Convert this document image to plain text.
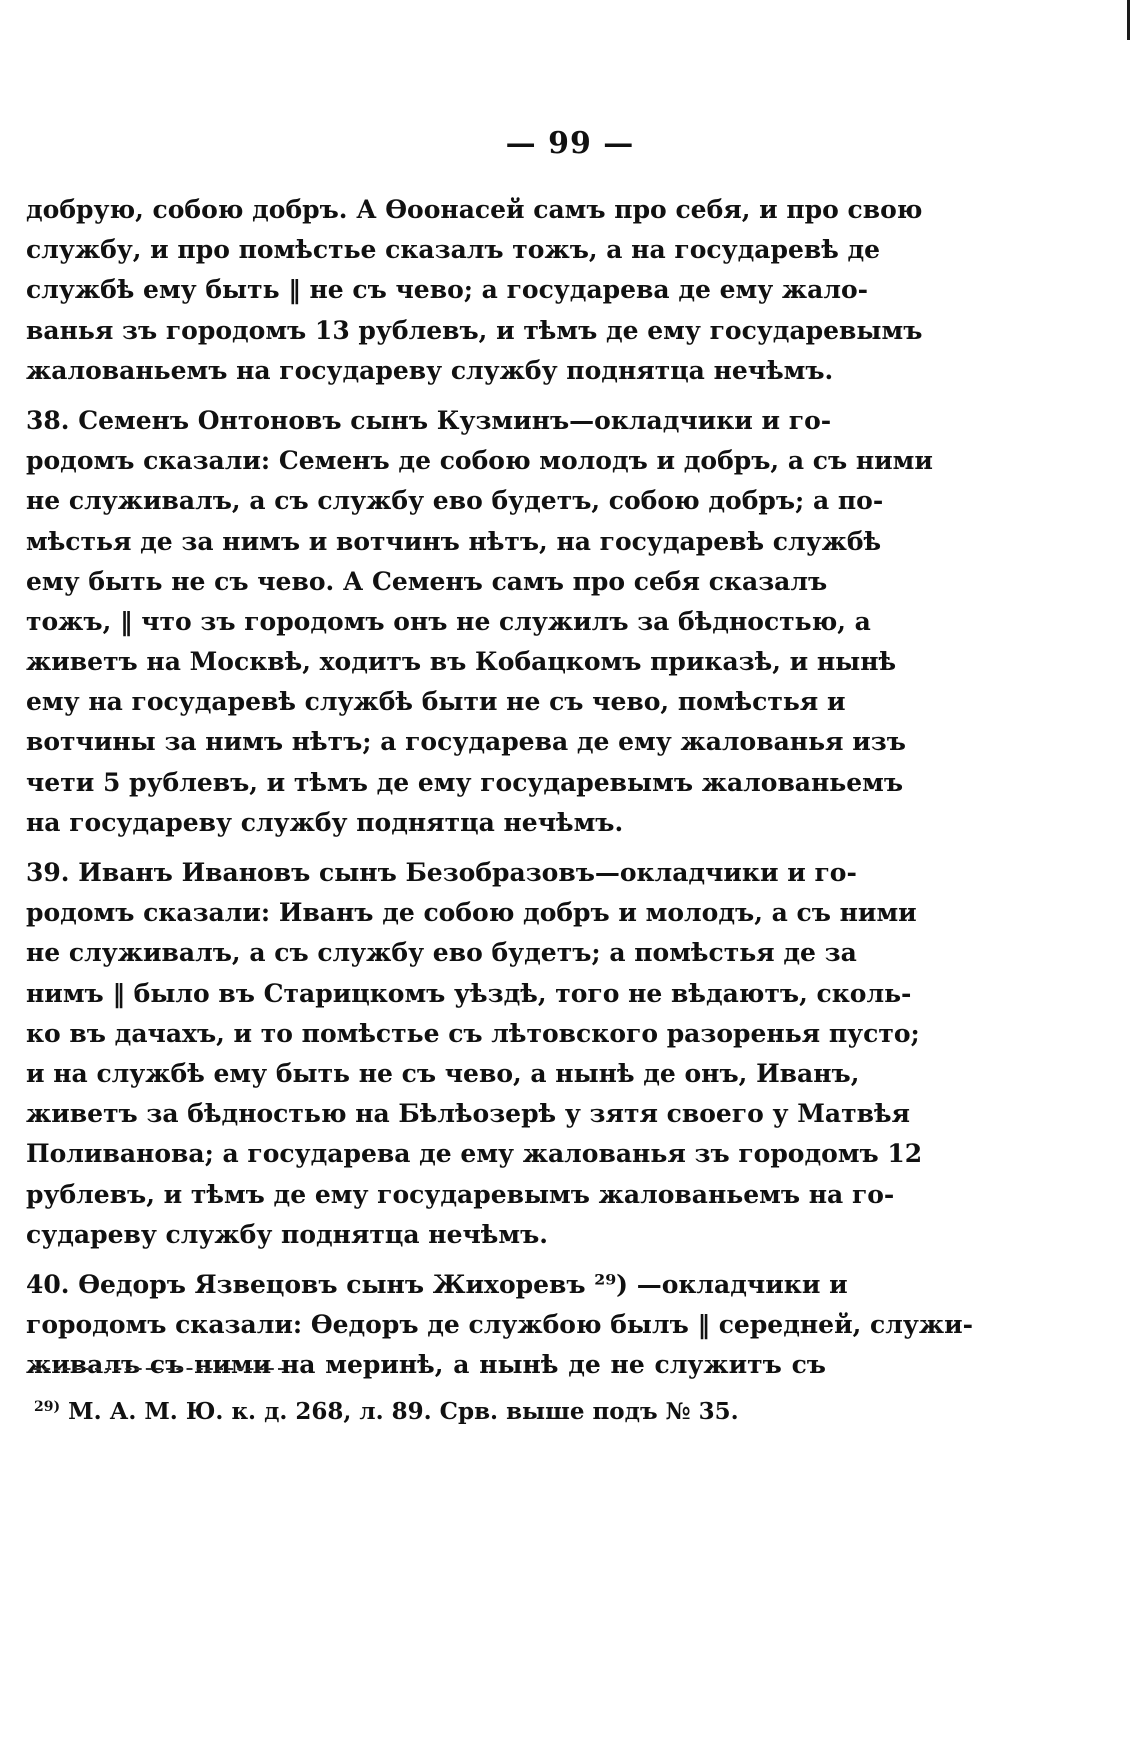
— 99 —
добрую, собою добръ. А Өоонасей самъ про себя, и про свою
службу, и про помѣстье сказалъ тожъ, а на государевѣ де
службѣ ему быть ‖ не съ чево; а государева де ему жало-
ванья зъ городомъ 13 рублевъ, и тѣмъ де ему государевымъ
жалованьемъ на государеву службу поднятца нечѣмъ.
38. Семенъ Онтоновъ сынъ Кузминъ—окладчики и го-
родомъ сказали: Семенъ де собою молодъ и добръ, а съ ними
не служивалъ, а съ службу ево будетъ, собою добръ; а по-
мѣстья де за нимъ и вотчинъ нѣтъ, на государевѣ службѣ
ему быть не съ чево. А Семенъ самъ про себя сказалъ
тожъ, ‖ что зъ городомъ онъ не служилъ за бѣдностью, а
живетъ на Москвѣ, ходитъ въ Кобацкомъ приказѣ, и нынѣ
ему на государевѣ службѣ быти не съ чево, помѣстья и
вотчины за нимъ нѣтъ; а государева де ему жалованья изъ
чети 5 рублевъ, и тѣмъ де ему государевымъ жалованьемъ
на государеву службу поднятца нечѣмъ.
39. Иванъ Ивановъ сынъ Безобразовъ—окладчики и го-
родомъ сказали: Иванъ де собою добръ и молодъ, а съ ними
не служивалъ, а съ службу ево будетъ; а помѣстья де за
нимъ ‖ было въ Старицкомъ уѣздѣ, того не вѣдаютъ, сколь-
ко въ дачахъ, и то помѣстье съ лѣтовского разоренья пусто;
и на службѣ ему быть не съ чево, а нынѣ де онъ, Иванъ,
живетъ за бѣдностью на Бѣлѣозерѣ у зятя своего у Матвѣя
Поливанова; а государева де ему жалованья зъ городомъ 12
рублевъ, и тѣмъ де ему государевымъ жалованьемъ на го-
судареву службу поднятца нечѣмъ.
40. Өедоръ Язвецовъ сынъ Жихоревъ ²⁹) —окладчики и
городомъ сказали: Өедоръ де службою былъ ‖ середней, служи-
живалъ съ ними на меринѣ, а нынѣ де не служитъ съ
$^{29)}$ М. А. М. Ю. к. д. 268, л. 89. Срв. выше подъ № 35.
